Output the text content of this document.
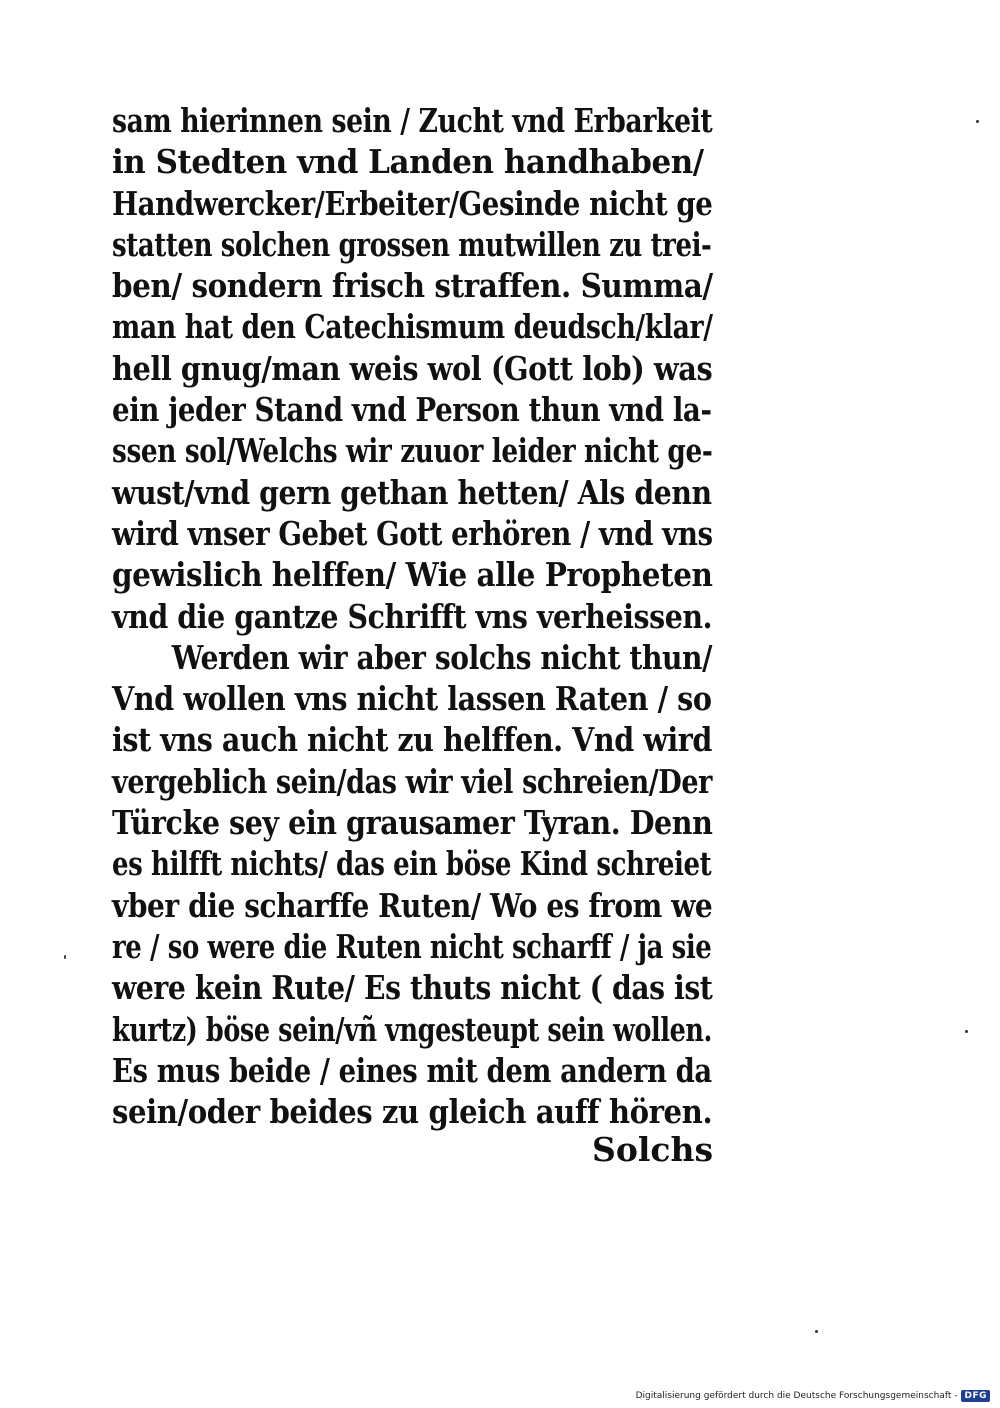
sam hierinnen sein / Zucht vnd Erbarkeit
in Stedten vnd Landen handhaben/
Handwercker/Erbeiter/Gesinde nicht ge
statten solchen grossen mutwillen zu trei-
ben/ sondern frisch straffen. Summa/
man hat den Catechismum deudsch/klar/
hell gnug/man weis wol (Gott lob) was
ein jeder Stand vnd Person thun vnd la-
ssen sol/Welchs wir zuuor leider nicht ge-
wust/vnd gern gethan hetten/ Als denn
wird vnser Gebet Gott erhören / vnd vns
gewislich helffen/ Wie alle Propheten
vnd die gantze Schrifft vns verheissen.
Werden wir aber solchs nicht thun/
Vnd wollen vns nicht lassen Raten / so
ist vns auch nicht zu helffen. Vnd wird
vergeblich sein/das wir viel schreien/Der
Türcke sey ein grausamer Tyran. Denn
es hilfft nichts/ das ein böse Kind schreiet
vber die scharffe Ruten/ Wo es from we
re / so were die Ruten nicht scharff / ja sie
were kein Rute/ Es thuts nicht ( das ist
kurtz) böse sein/vñ vngesteupt sein wollen.
Es mus beide / eines mit dem andern da
sein/oder beides zu gleich auff hören.
Solchs
Digitalisierung gefördert durch die Deutsche Forschungsgemeinschaft - DFG
